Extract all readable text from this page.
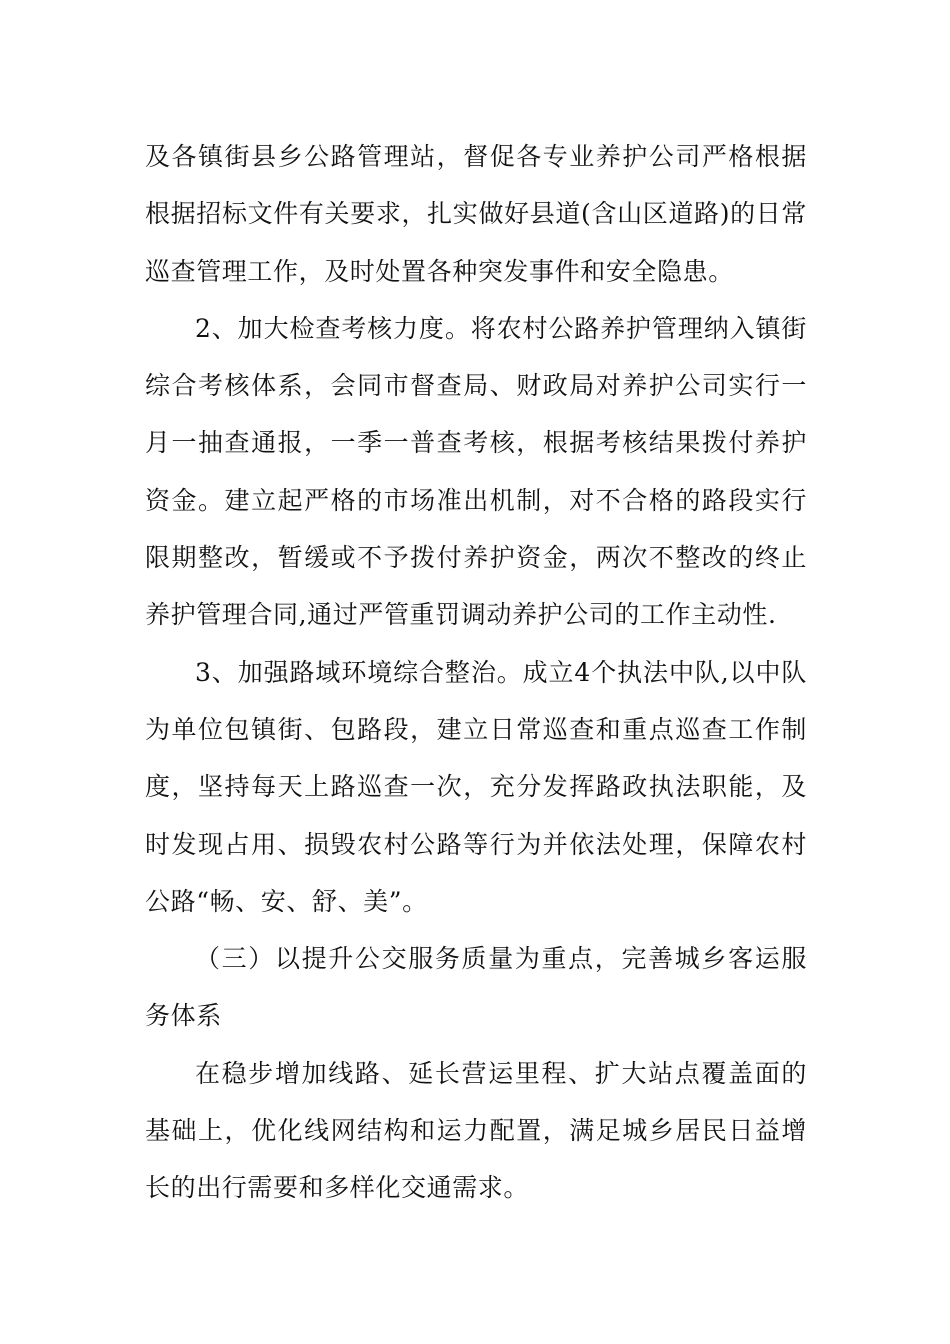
及各镇街县乡公路管理站，督促各专业养护公司严格根据根据招标文件有关要求，扎实做好县道(含山区道路)的日常巡查管理工作，及时处置各种突发事件和安全隐患。

2、加大检查考核力度。将农村公路养护管理纳入镇街综合考核体系，会同市督查局、财政局对养护公司实行一月一抽查通报，一季一普查考核，根据考核结果拨付养护资金。建立起严格的市场准出机制，对不合格的路段实行限期整改，暂缓或不予拨付养护资金，两次不整改的终止养护管理合同,通过严管重罚调动养护公司的工作主动性.

3、加强路域环境综合整治。成立4个执法中队,以中队为单位包镇街、包路段，建立日常巡查和重点巡查工作制度，坚持每天上路巡查一次，充分发挥路政执法职能，及时发现占用、损毁农村公路等行为并依法处理，保障农村公路“畅、安、舒、美”。

（三）以提升公交服务质量为重点，完善城乡客运服务体系

在稳步增加线路、延长营运里程、扩大站点覆盖面的基础上，优化线网结构和运力配置，满足城乡居民日益增长的出行需要和多样化交通需求。
